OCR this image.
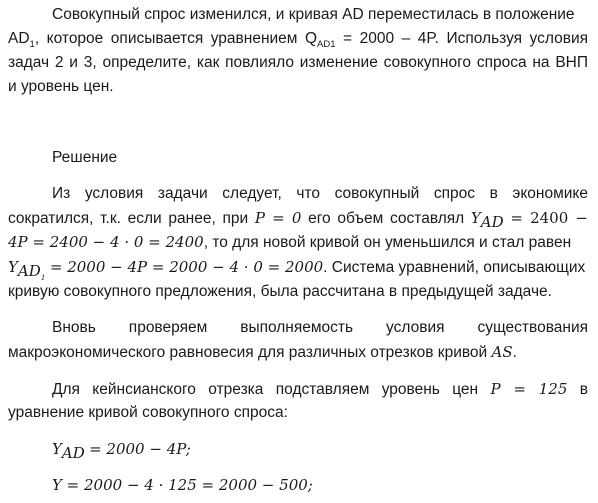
Совокупный спрос изменился, и кривая AD переместилась в положение
$AD_1$, которое описывается уравнением $Q_{AD1} = 2000 - 4P$. Используя условия
задач 2 и 3, определите, как повлияло изменение совокупного спроса на ВНП
и уровень цен.
Решение
Из условия задачи следует, что совокупный спрос в экономике
сократился, т.к. если ранее, при P = 0 его объем составлял $Y_{AD} = 2400$ −
4P = 2400 − 4 · 0 = 2400, то для новой кривой он уменьшился и стал равен
$Y_{AD_1} = 2000 - 4P = 2000 - 4 \cdot 0 = 2000$. Система уравнений, описывающих
кривую совокупного предложения, была рассчитана в предыдущей задаче.
Вновь проверяем выполняемость условия существования
макроэкономического равновесия для различных отрезков кривой AS.
Для кейнсианского отрезка подставляем уровень цен P = 125 в
уравнение кривой совокупного спроса:
$Y_{AD} = 2000 - 4P$;
Y = 2000 − 4 · 125 = 2000 − 500;
